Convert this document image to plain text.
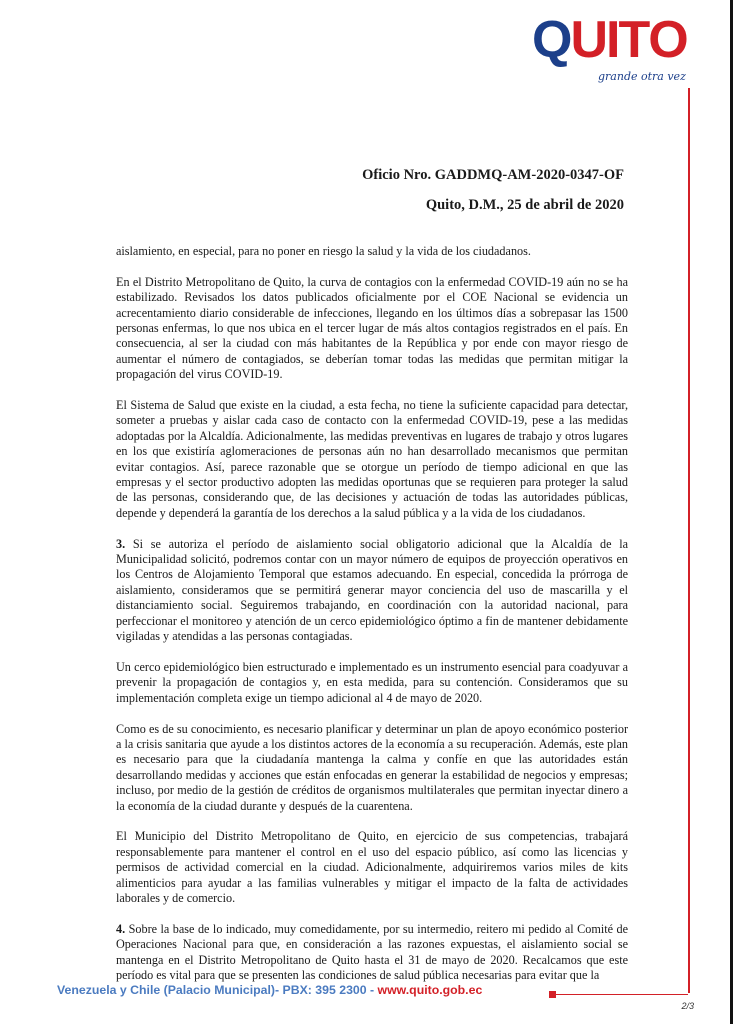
QUITO
grande otra vez
Oficio Nro. GADDMQ-AM-2020-0347-OF
Quito, D.M., 25 de abril de 2020

aislamiento, en especial, para no poner en riesgo la salud y la vida de los ciudadanos.

En el Distrito Metropolitano de Quito, la curva de contagios con la enfermedad COVID-19 aún no se ha estabilizado. Revisados los datos publicados oficialmente por el COE Nacional se evidencia un acrecentamiento diario considerable de infecciones, llegando en los últimos días a sobrepasar las 1500 personas enfermas, lo que nos ubica en el tercer lugar de más altos contagios registrados en el país. En consecuencia, al ser la ciudad con más habitantes de la República y por ende con mayor riesgo de aumentar el número de contagiados, se deberían tomar todas las medidas que permitan mitigar la propagación del virus COVID-19.

El Sistema de Salud que existe en la ciudad, a esta fecha, no tiene la suficiente capacidad para detectar, someter a pruebas y aislar cada caso de contacto con la enfermedad COVID-19, pese a las medidas adoptadas por la Alcaldía. Adicionalmente, las medidas preventivas en lugares de trabajo y otros lugares en los que existiría aglomeraciones de personas aún no han desarrollado mecanismos que permitan evitar contagios. Así, parece razonable que se otorgue un período de tiempo adicional en que las empresas y el sector productivo adopten las medidas oportunas que se requieren para proteger la salud de las personas, considerando que, de las decisiones y actuación de todas las autoridades públicas, depende y dependerá la garantía de los derechos a la salud pública y a la vida de los ciudadanos.

3. Si se autoriza el período de aislamiento social obligatorio adicional que la Alcaldía de la Municipalidad solicitó, podremos contar con un mayor número de equipos de proyección operativos en los Centros de Alojamiento Temporal que estamos adecuando. En especial, concedida la prórroga de aislamiento, consideramos que se permitirá generar mayor conciencia del uso de mascarilla y el distanciamiento social. Seguiremos trabajando, en coordinación con la autoridad nacional, para perfeccionar el monitoreo y atención de un cerco epidemiológico óptimo a fin de mantener debidamente vigiladas y atendidas a las personas contagiadas.

Un cerco epidemiológico bien estructurado e implementado es un instrumento esencial para coadyuvar a prevenir la propagación de contagios y, en esta medida, para su contención. Consideramos que su implementación completa exige un tiempo adicional al 4 de mayo de 2020.

Como es de su conocimiento, es necesario planificar y determinar un plan de apoyo económico posterior a la crisis sanitaria que ayude a los distintos actores de la economía a su recuperación. Además, este plan es necesario para que la ciudadanía mantenga la calma y confíe en que las autoridades están desarrollando medidas y acciones que están enfocadas en generar la estabilidad de negocios y empresas; incluso, por medio de la gestión de créditos de organismos multilaterales que permitan inyectar dinero a la economía de la ciudad durante y después de la cuarentena.

El Municipio del Distrito Metropolitano de Quito, en ejercicio de sus competencias, trabajará responsablemente para mantener el control en el uso del espacio público, así como las licencias y permisos de actividad comercial en la ciudad. Adicionalmente, adquiriremos varios miles de kits alimenticios para ayudar a las familias vulnerables y mitigar el impacto de la falta de actividades laborales y de comercio.

4. Sobre la base de lo indicado, muy comedidamente, por su intermedio, reitero mi pedido al Comité de Operaciones Nacional para que, en consideración a las razones expuestas, el aislamiento social se mantenga en el Distrito Metropolitano de Quito hasta el 31 de mayo de 2020. Recalcamos que este período es vital para que se presenten las condiciones de salud pública necesarias para evitar que la

Venezuela y Chile (Palacio Municipal)- PBX: 395 2300 - www.quito.gob.ec
2/3
